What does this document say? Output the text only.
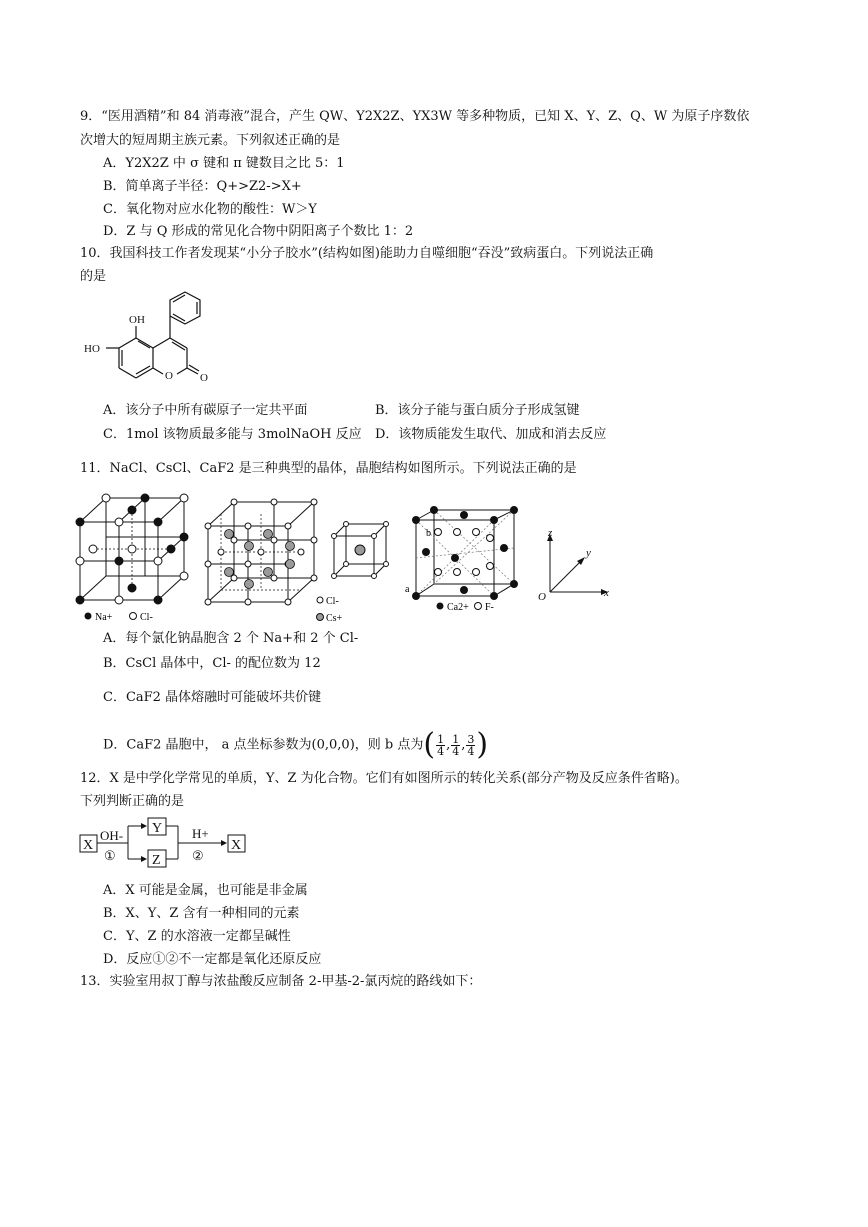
9．“医用酒精”和 84 消毒液”混合，产生 QW、Y2X2Z、YX3W 等多种物质，已知 X、Y、Z、Q、W 为原子序数依
次增大的短周期主族元素。下列叙述正确的是
A．Y2X2Z 中 σ 键和 π 键数目之比 5：1
B．简单离子半径：Q+>Z2->X+
C．氧化物对应水化物的酸性：W＞Y
D．Z 与 Q 形成的常见化合物中阴阳离子个数比 1：2
10．我国科技工作者发现某“小分子胶水”(结构如图)能助力自噬细胞“吞没”致病蛋白。下列说法正确
的是
OH
HO
O O
A．该分子中所有碳原子一定共平面	B．该分子能与蛋白质分子形成氢键
C．1mol 该物质最多能与 3molNaOH 反应 D．该物质能发生取代、加成和消去反应
11．NaCl、CsCl、CaF2 是三种典型的晶体，晶胞结构如图所示。下列说法正确的是
Na+	Cl-
Cl-
Cs+
b
a
Ca2+ F-
z
y
x
O
A．每个氯化钠晶胞含 2 个 Na+和 2 个 Cl-
B．CsCl 晶体中，Cl- 的配位数为 12
C．CaF2 晶体熔融时可能破坏共价键
D．CaF2 晶胞中， a 点坐标参数为(0,0,0)，则 b 点为( $\frac{1}{4}$ , $\frac{1}{4}$ , $\frac{3}{4}$ )
12．X 是中学化学常见的单质，Y、Z 为化合物。它们有如图所示的转化关系(部分产物及反应条件省略)。
下列判断正确的是
X
OH-
①
Y
Z
H+
②
X
A．X 可能是金属，也可能是非金属
B．X、Y、Z 含有一种相同的元素
C．Y、Z 的水溶液一定都呈碱性
D．反应①②不一定都是氧化还原反应
13．实验室用叔丁醇与浓盐酸反应制备 2-甲基-2-氯丙烷的路线如下：
